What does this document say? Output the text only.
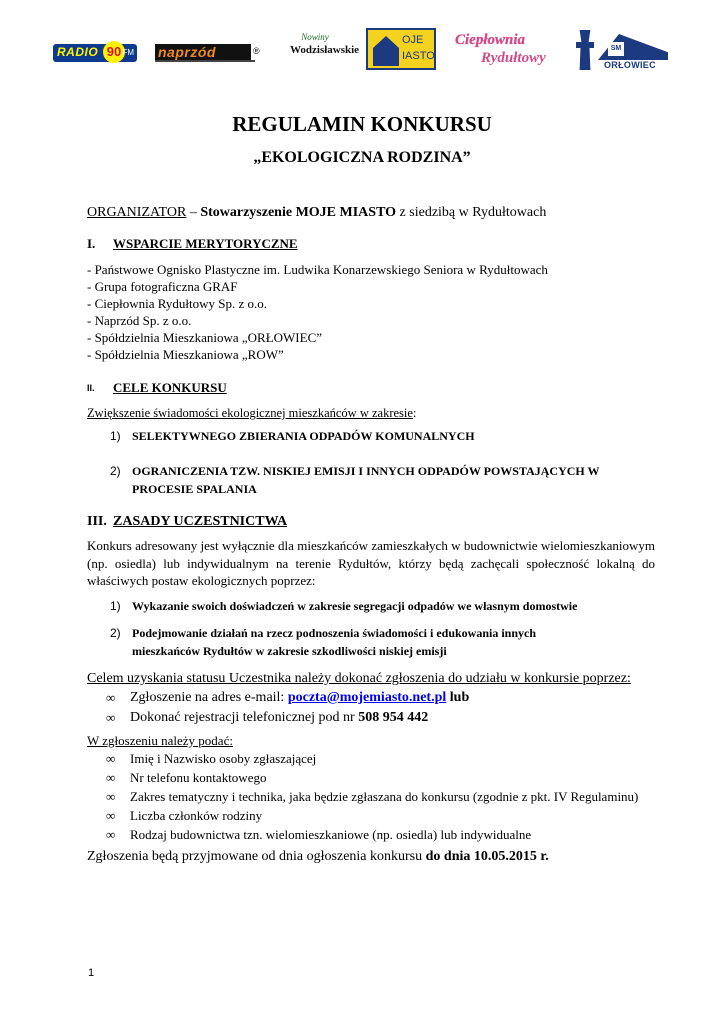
RADIO 90 FM naprzód	®
Nowiny
Wodzisławskie
OJE
IASTO
Ciepłownia
Rydułtowy
SM
ORŁOWIEC
REGULAMIN KONKURSU
„EKOLOGICZNA RODZINA”
ORGANIZATOR – Stowarzyszenie MOJE MIASTO z siedzibą w Rydułtowach
I. WSPARCIE MERYTORYCZNE
- Państwowe Ognisko Plastyczne im. Ludwika Konarzewskiego Seniora w Rydułtowach
- Grupa fotograficzna GRAF
- Ciepłownia Rydułtowy Sp. z o.o.
- Naprzód Sp. z o.o.
- Spółdzielnia Mieszkaniowa „ORŁOWIEC”
- Spółdzielnia Mieszkaniowa „ROW”
II. CELE KONKURSU
Zwiększenie świadomości ekologicznej mieszkańców w zakresie:
1) SELEKTYWNEGO ZBIERANIA ODPADÓW KOMUNALNYCH
2) OGRANICZENIA TZW. NISKIEJ EMISJI I INNYCH ODPADÓW POWSTAJĄCYCH W
PROCESIE SPALANIA
III. ZASADY UCZESTNICTWA
Konkurs adresowany jest wyłącznie dla mieszkańców zamieszkałych w budownictwie wielomieszkaniowym (np. osiedla) lub indywidualnym na terenie Rydułtów, którzy będą zachęcali społeczność lokalną do właściwych postaw ekologicznych poprzez:
1) Wykazanie swoich doświadczeń w zakresie segregacji odpadów we własnym domostwie
2) Podejmowanie działań na rzecz podnoszenia świadomości i edukowania innych
mieszkańców Rydułtów w zakresie szkodliwości niskiej emisji
Celem uzyskania statusu Uczestnika należy dokonać zgłoszenia do udziału w konkursie poprzez:
∞ Zgłoszenie na adres e-mail: poczta@mojemiasto.net.pl lub
∞ Dokonać rejestracji telefonicznej pod nr 508 954 442
W zgłoszeniu należy podać:
∞ Imię i Nazwisko osoby zgłaszającej
∞ Nr telefonu kontaktowego
∞ Zakres tematyczny i technika, jaka będzie zgłaszana do konkursu (zgodnie z pkt. IV Regulaminu)
∞ Liczba członków rodziny
∞ Rodzaj budownictwa tzn. wielomieszkaniowe (np. osiedla) lub indywidualne
Zgłoszenia będą przyjmowane od dnia ogłoszenia konkursu do dnia 10.05.2015 r.
1
